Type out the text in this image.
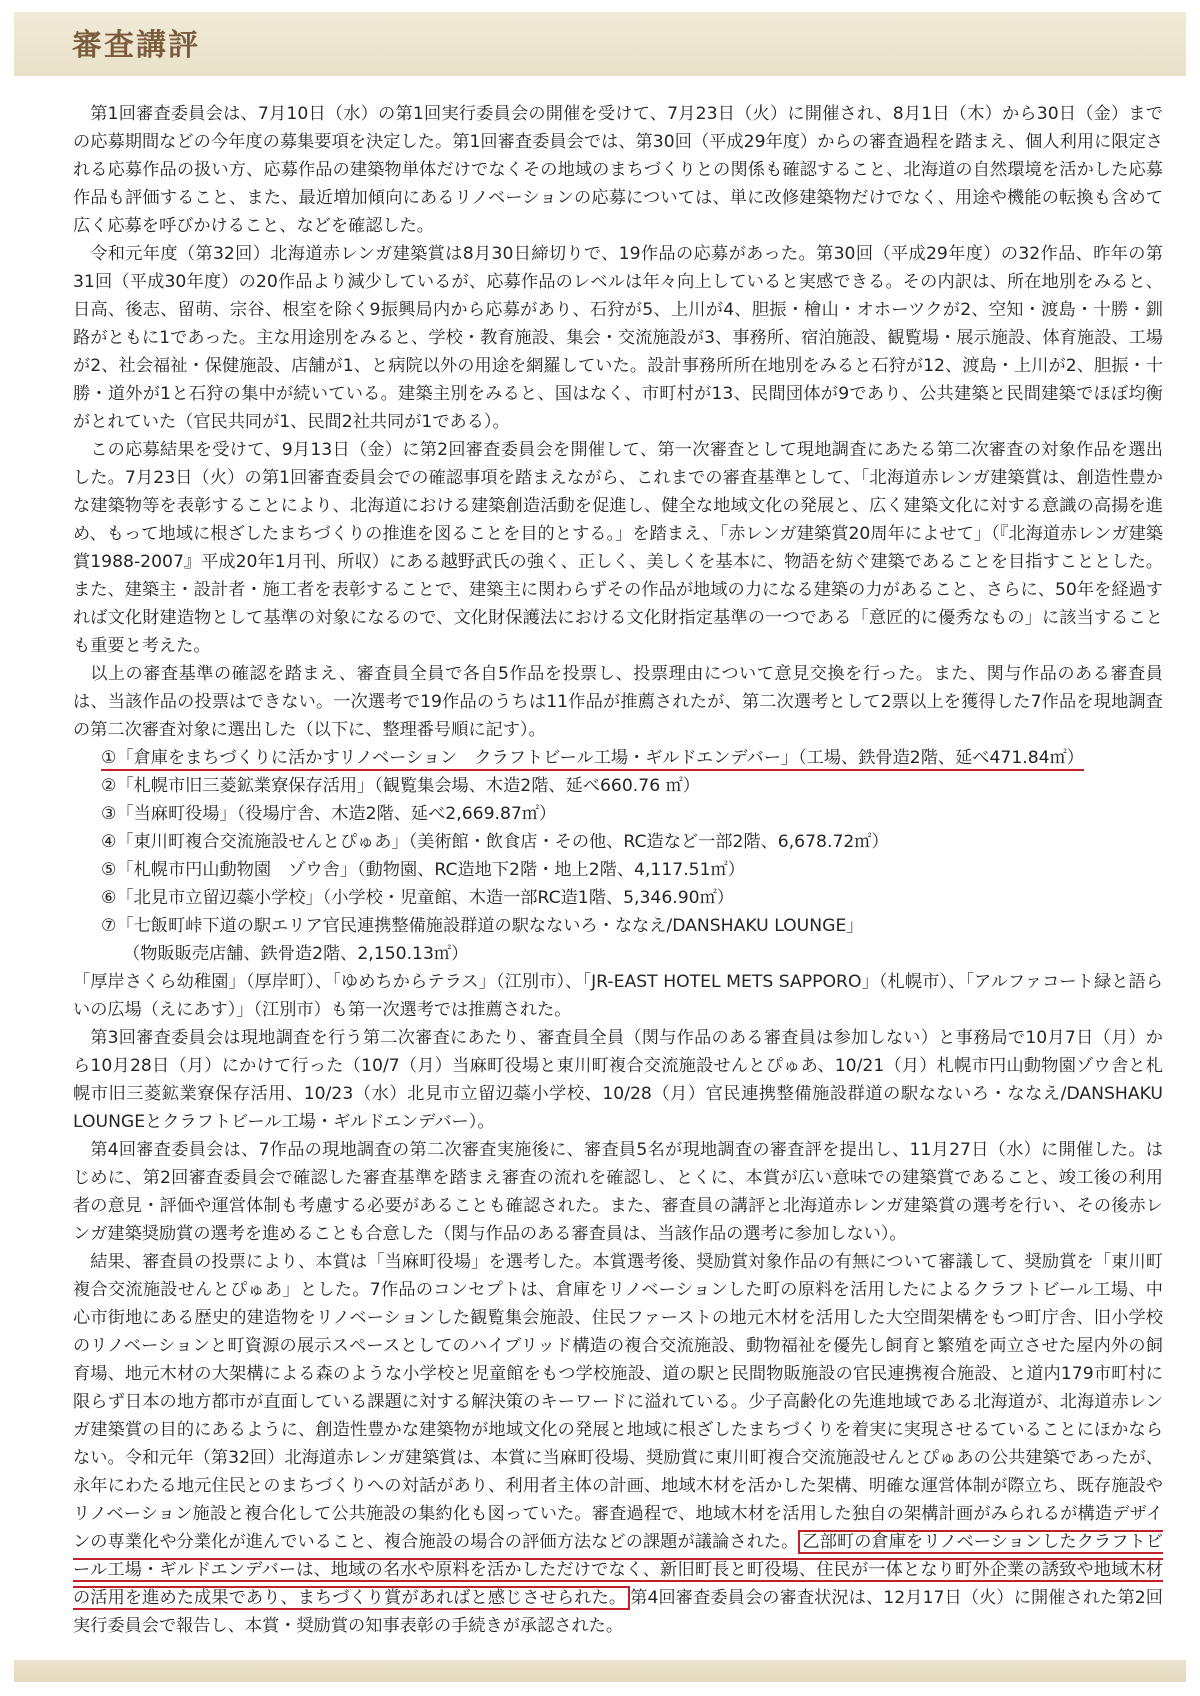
審査講評

第1回審査委員会は、7月10日（水）の第1回実行委員会の開催を受けて、7月23日（火）に開催され、8月1日（木）から30日（金）までの応募期間などの今年度の募集要項を決定した。第1回審査委員会では、第30回（平成29年度）からの審査過程を踏まえ、個人利用に限定される応募作品の扱い方、応募作品の建築物単体だけでなくその地域のまちづくりとの関係も確認すること、北海道の自然環境を活かした応募作品も評価すること、また、最近増加傾向にあるリノベーションの応募については、単に改修建築物だけでなく、用途や機能の転換も含めて広く応募を呼びかけること、などを確認した。

令和元年度（第32回）北海道赤レンガ建築賞は8月30日締切りで、19作品の応募があった。第30回（平成29年度）の32作品、昨年の第31回（平成30年度）の20作品より減少しているが、応募作品のレベルは年々向上していると実感できる。その内訳は、所在地別をみると、日高、後志、留萌、宗谷、根室を除く9振興局内から応募があり、石狩が5、上川が4、胆振・檜山・オホーツクが2、空知・渡島・十勝・釧路がともに1であった。主な用途別をみると、学校・教育施設、集会・交流施設が3、事務所、宿泊施設、観覧場・展示施設、体育施設、工場が2、社会福祉・保健施設、店舗が1、と病院以外の用途を網羅していた。設計事務所所在地別をみると石狩が12、渡島・上川が2、胆振・十勝・道外が1と石狩の集中が続いている。建築主別をみると、国はなく、市町村が13、民間団体が9であり、公共建築と民間建築でほぼ均衡がとれていた（官民共同が1、民間2社共同が1である）。

この応募結果を受けて、9月13日（金）に第2回審査委員会を開催して、第一次審査として現地調査にあたる第二次審査の対象作品を選出した。7月23日（火）の第1回審査委員会での確認事項を踏まえながら、これまでの審査基準として、「北海道赤レンガ建築賞は、創造性豊かな建築物等を表彰することにより、北海道における建築創造活動を促進し、健全な地域文化の発展と、広く建築文化に対する意識の高揚を進め、もって地域に根ざしたまちづくりの推進を図ることを目的とする。」を踏まえ、「赤レンガ建築賞20周年によせて」（『北海道赤レンガ建築賞1988-2007』平成20年1月刊、所収）にある越野武氏の強く、正しく、美しくを基本に、物語を紡ぐ建築であることを目指すこととした。また、建築主・設計者・施工者を表彰することで、建築主に関わらずその作品が地域の力になる建築の力があること、さらに、50年を経過すれば文化財建造物として基準の対象になるので、文化財保護法における文化財指定基準の一つである「意匠的に優秀なもの」に該当することも重要と考えた。

以上の審査基準の確認を踏まえ、審査員全員で各自5作品を投票し、投票理由について意見交換を行った。また、関与作品のある審査員は、当該作品の投票はできない。一次選考で19作品のうちは11作品が推薦されたが、第二次選考として2票以上を獲得した7作品を現地調査の第二次審査対象に選出した（以下に、整理番号順に記す）。

①「倉庫をまちづくりに活かすリノベーション　クラフトビール工場・ギルドエンデバー」（工場、鉄骨造2階、延べ471.84㎡）
②「札幌市旧三菱鉱業寮保存活用」（観覧集会場、木造2階、延べ660.76 ㎡）
③「当麻町役場」（役場庁舎、木造2階、延べ2,669.87㎡）
④「東川町複合交流施設せんとぴゅあ」（美術館・飲食店・その他、RC造など一部2階、6,678.72㎡）
⑤「札幌市円山動物園　ゾウ舎」（動物園、RC造地下2階・地上2階、4,117.51㎡）
⑥「北見市立留辺蘂小学校」（小学校・児童館、木造一部RC造1階、5,346.90㎡）
⑦「七飯町峠下道の駅エリア官民連携整備施設群道の駅なないろ・ななえ/DANSHAKU LOUNGE」
（物販販売店舗、鉄骨造2階、2,150.13㎡）

「厚岸さくら幼稚園」（厚岸町）、「ゆめちからテラス」（江別市）、「JR-EAST HOTEL METS SAPPORO」（札幌市）、「アルファコート緑と語らいの広場（えにあす）」（江別市）も第一次選考では推薦された。

第3回審査委員会は現地調査を行う第二次審査にあたり、審査員全員（関与作品のある審査員は参加しない）と事務局で10月7日（月）から10月28日（月）にかけて行った（10/7（月）当麻町役場と東川町複合交流施設せんとぴゅあ、10/21（月）札幌市円山動物園ゾウ舎と札幌市旧三菱鉱業寮保存活用、10/23（水）北見市立留辺蘂小学校、10/28（月）官民連携整備施設群道の駅なないろ・ななえ/DANSHAKU LOUNGEとクラフトビール工場・ギルドエンデバー）。

第4回審査委員会は、7作品の現地調査の第二次審査実施後に、審査員5名が現地調査の審査評を提出し、11月27日（水）に開催した。はじめに、第2回審査委員会で確認した審査基準を踏まえ審査の流れを確認し、とくに、本賞が広い意味での建築賞であること、竣工後の利用者の意見・評価や運営体制も考慮する必要があることも確認された。また、審査員の講評と北海道赤レンガ建築賞の選考を行い、その後赤レンガ建築奨励賞の選考を進めることも合意した（関与作品のある審査員は、当該作品の選考に参加しない）。

結果、審査員の投票により、本賞は「当麻町役場」を選考した。本賞選考後、奨励賞対象作品の有無について審議して、奨励賞を「東川町複合交流施設せんとぴゅあ」とした。7作品のコンセプトは、倉庫をリノベーションした町の原料を活用したによるクラフトビール工場、中心市街地にある歴史的建造物をリノベーションした観覧集会施設、住民ファーストの地元木材を活用した大空間架構をもつ町庁舎、旧小学校のリノベーションと町資源の展示スペースとしてのハイブリッド構造の複合交流施設、動物福祉を優先し飼育と繁殖を両立させた屋内外の飼育場、地元木材の大架構による森のような小学校と児童館をもつ学校施設、道の駅と民間物販施設の官民連携複合施設、と道内179市町村に限らず日本の地方都市が直面している課題に対する解決策のキーワードに溢れている。少子高齢化の先進地域である北海道が、北海道赤レンガ建築賞の目的にあるように、創造性豊かな建築物が地域文化の発展と地域に根ざしたまちづくりを着実に実現させるていることにほかならない。令和元年（第32回）北海道赤レンガ建築賞は、本賞に当麻町役場、奨励賞に東川町複合交流施設せんとぴゅあの公共建築であったが、永年にわたる地元住民とのまちづくりへの対話があり、利用者主体の計画、地域木材を活かした架構、明確な運営体制が際立ち、既存施設やリノベーション施設と複合化して公共施設の集約化も図っていた。審査過程で、地域木材を活用した独自の架構計画がみられるが構造デザインの専業化や分業化が進んでいること、複合施設の場合の評価方法などの課題が議論された。 乙部町の倉庫をリノベーションしたクラフトビール工場・ギルドエンデバーは、地域の名水や原料を活かしただけでなく、新旧町長と町役場、住民が一体となり町外企業の誘致や地域木材の活用を進めた成果であり、まちづくり賞があればと感じさせられた。 第4回審査委員会の審査状況は、12月17日（火）に開催された第2回実行委員会で報告し、本賞・奨励賞の知事表彰の手続きが承認された。
